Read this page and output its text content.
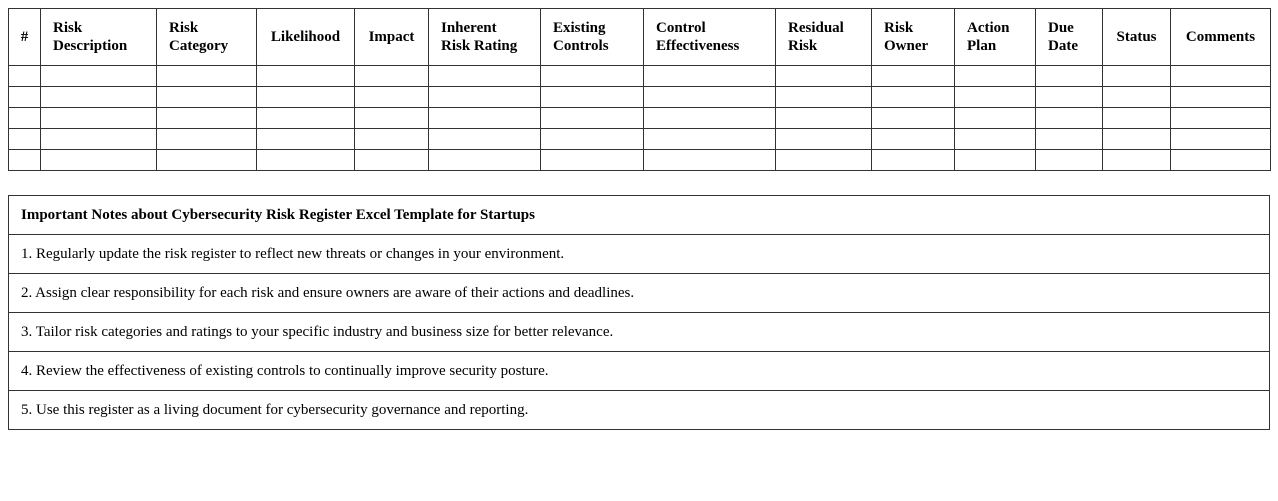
#	Risk Description	Risk Category	Likelihood	Impact	Inherent Risk Rating	Existing Controls	Control Effectiveness	Residual Risk	Risk Owner	Action Plan	Due Date	Status	Comments

Important Notes about Cybersecurity Risk Register Excel Template for Startups
1. Regularly update the risk register to reflect new threats or changes in your environment.
2. Assign clear responsibility for each risk and ensure owners are aware of their actions and deadlines.
3. Tailor risk categories and ratings to your specific industry and business size for better relevance.
4. Review the effectiveness of existing controls to continually improve security posture.
5. Use this register as a living document for cybersecurity governance and reporting.
